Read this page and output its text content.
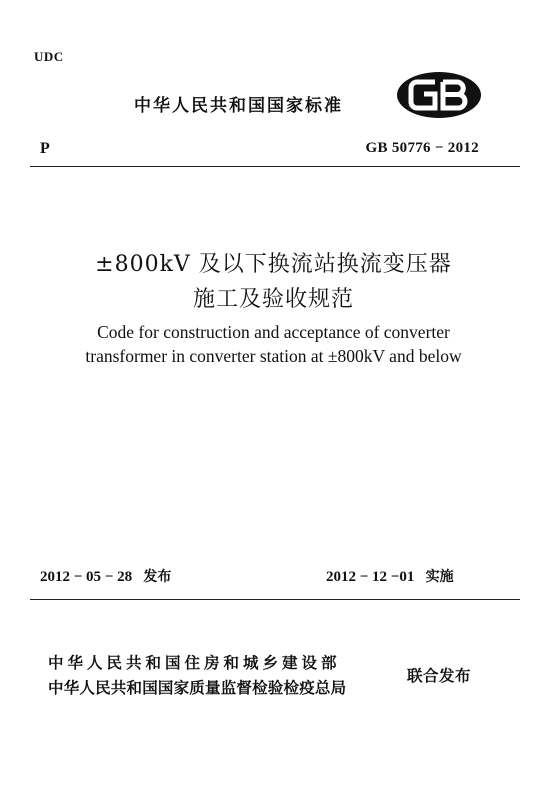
UDC
中华人民共和国国家标准
P	GB 50776 − 2012
±800kV 及以下换流站换流变压器
施工及验收规范
Code for construction and acceptance of converter
transformer in converter station at ±800kV and below
2012 − 05 − 28 发布	2012 − 12 −01 实施
中华人民共和国住房和城乡建设部
中华人民共和国国家质量监督检验检疫总局
联合发布
